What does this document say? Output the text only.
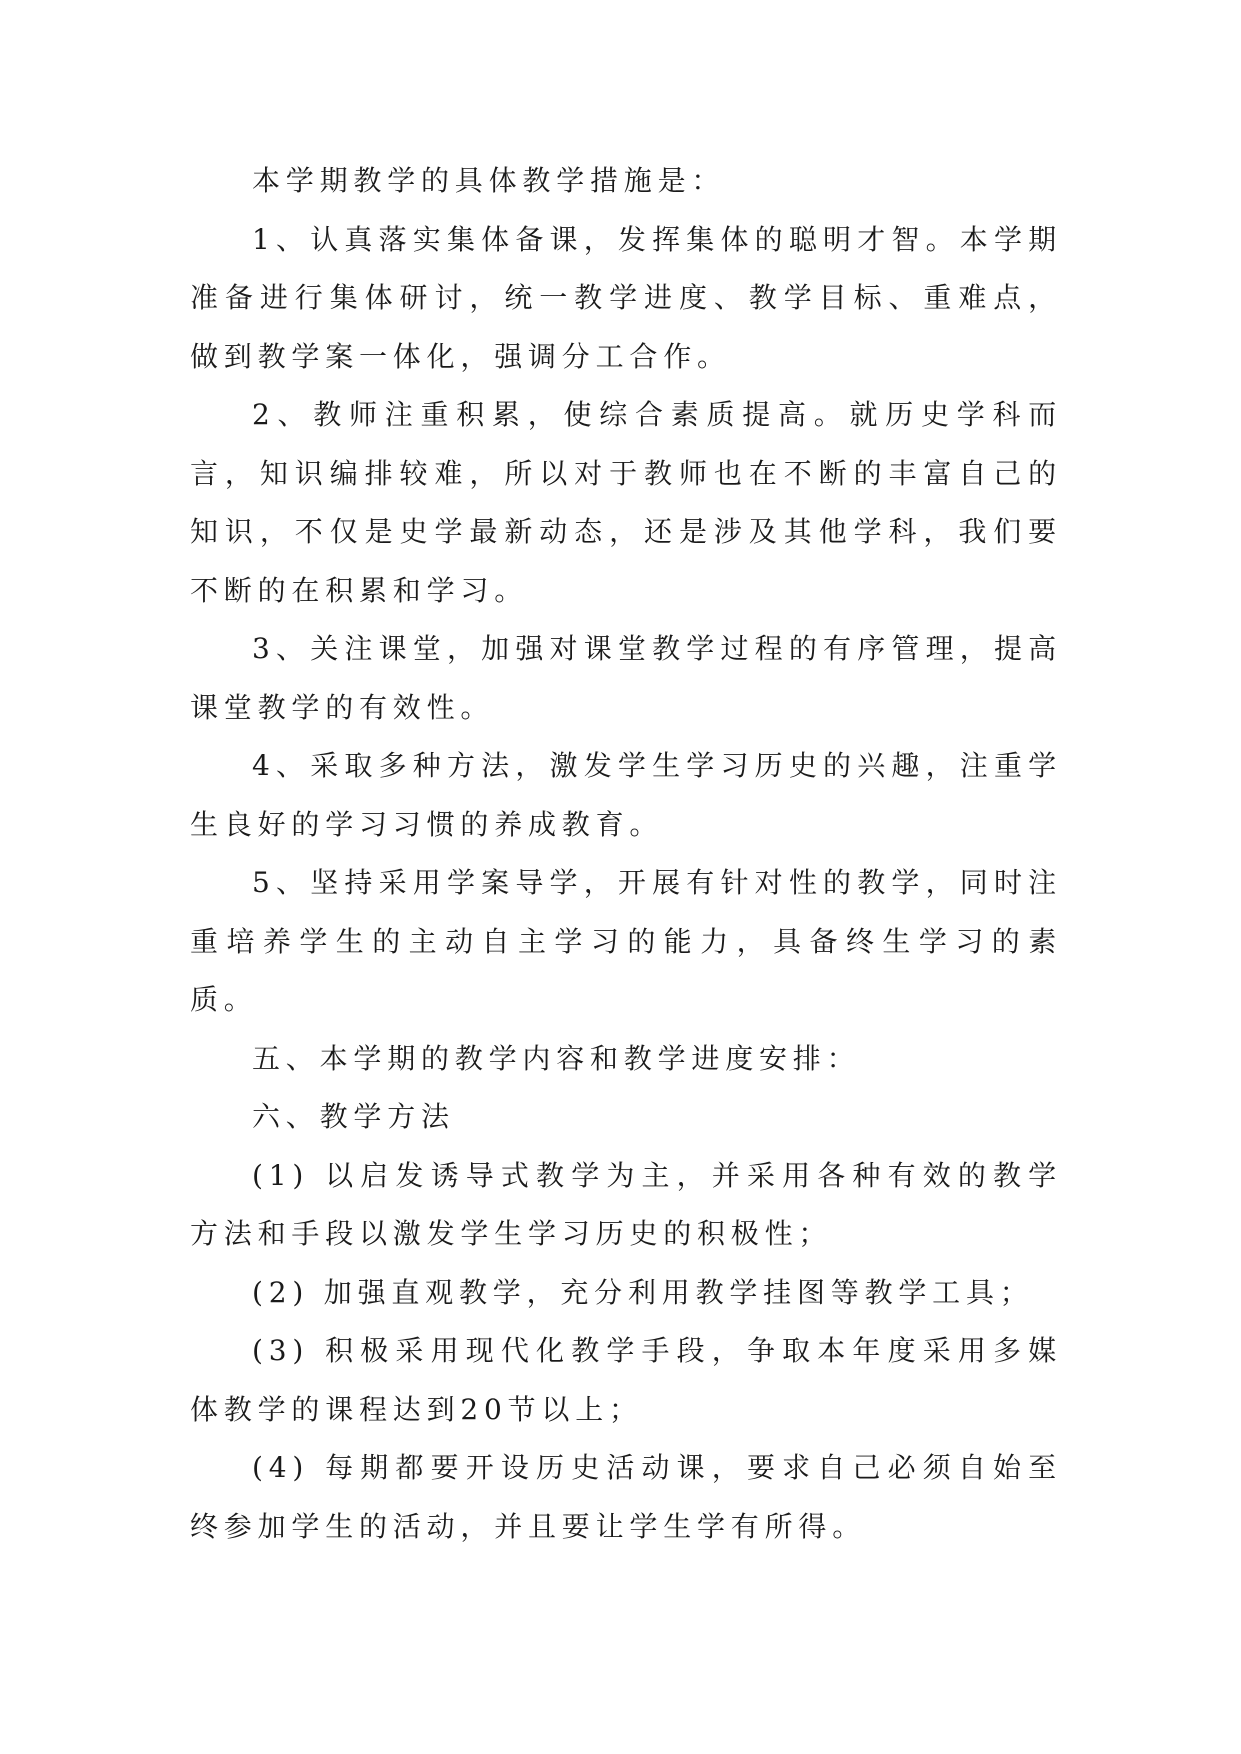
本学期教学的具体教学措施是：

1、认真落实集体备课，发挥集体的聪明才智。本学期准备进行集体研讨，统一教学进度、教学目标、重难点，做到教学案一体化，强调分工合作。

2、教师注重积累，使综合素质提高。就历史学科而言，知识编排较难，所以对于教师也在不断的丰富自己的知识，不仅是史学最新动态，还是涉及其他学科，我们要不断的在积累和学习。

3、关注课堂，加强对课堂教学过程的有序管理，提高课堂教学的有效性。

4、采取多种方法，激发学生学习历史的兴趣，注重学生良好的学习习惯的养成教育。

5、坚持采用学案导学，开展有针对性的教学，同时注重培养学生的主动自主学习的能力，具备终生学习的素质。

五、本学期的教学内容和教学进度安排：

六、教学方法

(1) 以启发诱导式教学为主，并采用各种有效的教学方法和手段以激发学生学习历史的积极性；

(2) 加强直观教学，充分利用教学挂图等教学工具；

(3) 积极采用现代化教学手段，争取本年度采用多媒体教学的课程达到20节以上；

(4) 每期都要开设历史活动课，要求自己必须自始至终参加学生的活动，并且要让学生学有所得。
